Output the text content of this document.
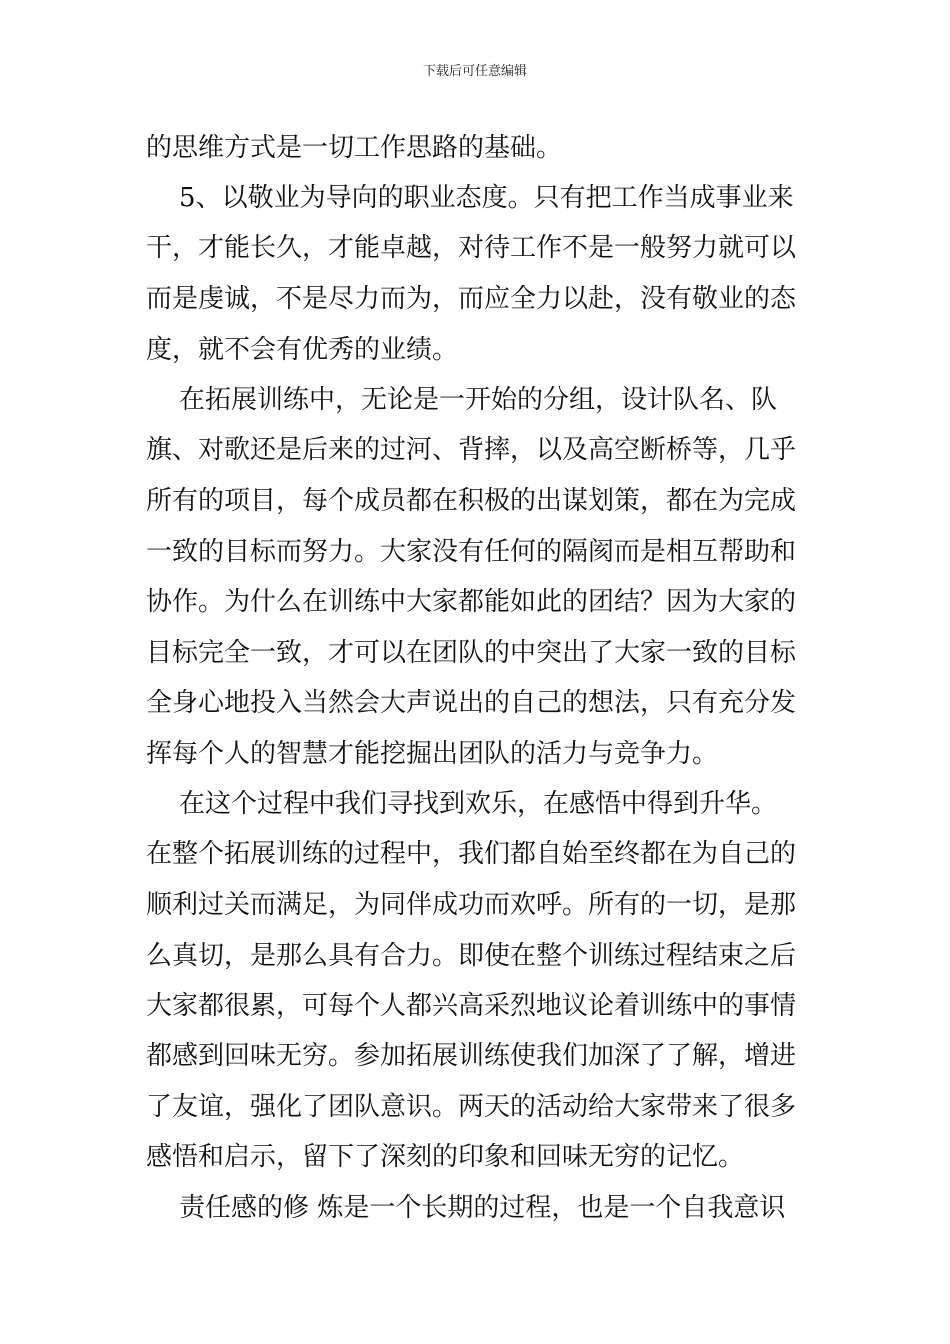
下载后可任意编辑
的思维方式是一切工作思路的基础。
5、以敬业为导向的职业态度。只有把工作当成事业来
干，才能长久，才能卓越，对待工作不是一般努力就可以
而是虔诚，不是尽力而为，而应全力以赴，没有敬业的态
度，就不会有优秀的业绩。
在拓展训练中，无论是一开始的分组，设计队名、队
旗、对歌还是后来的过河、背摔，以及高空断桥等，几乎
所有的项目，每个成员都在积极的出谋划策，都在为完成
一致的目标而努力。大家没有任何的隔阂而是相互帮助和
协作。为什么在训练中大家都能如此的团结？因为大家的
目标完全一致，才可以在团队的中突出了大家一致的目标
全身心地投入当然会大声说出的自己的想法，只有充分发
挥每个人的智慧才能挖掘出团队的活力与竞争力。
在这个过程中我们寻找到欢乐，在感悟中得到升华。
在整个拓展训练的过程中，我们都自始至终都在为自己的
顺利过关而满足，为同伴成功而欢呼。所有的一切，是那
么真切，是那么具有合力。即使在整个训练过程结束之后
大家都很累，可每个人都兴高采烈地议论着训练中的事情
都感到回味无穷。参加拓展训练使我们加深了了解，增进
了友谊，强化了团队意识。两天的活动给大家带来了很多
感悟和启示，留下了深刻的印象和回味无穷的记忆。
责任感的修 炼是一个长期的过程，也是一个自我意识
